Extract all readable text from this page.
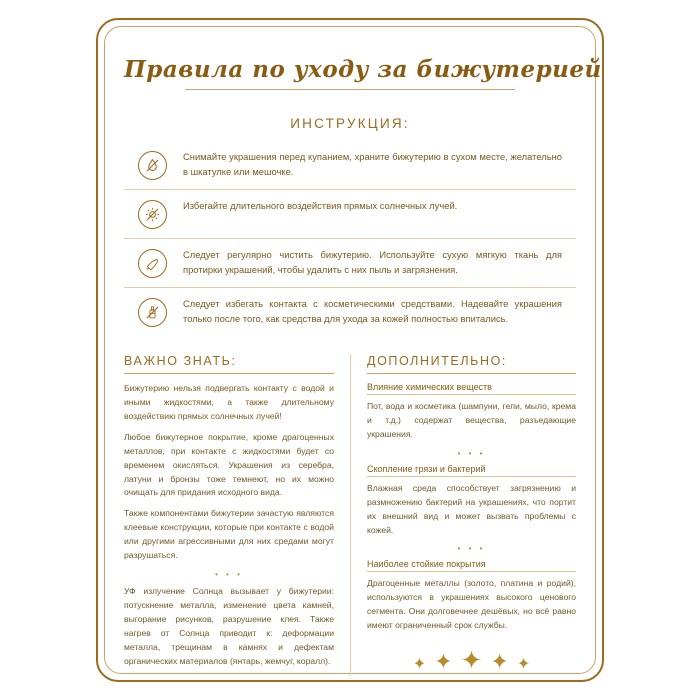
Правила по уходу за бижутерией
ИНСТРУКЦИЯ:
Снимайте украшения перед купанием, храните бижутерию в сухом месте, желательно в шкатулке или мешочке.
Избегайте длительного воздействия прямых солнечных лучей.
Следует регулярно чистить бижутерию. Используйте сухую мягкую ткань для протирки украшений, чтобы удалить с них пыль и загрязнения.
Следует избегать контакта с косметическими средствами. Надевайте украшения только после того, как средства для ухода за кожей полностью впитались.
ВАЖНО ЗНАТЬ:

Бижутерию нельзя подвергать контакту с водой и иными жидкостями, а также длительному воздействию прямых солнечных лучей!

Любое бижутерное покрытие, кроме драгоценных металлов, при контакте с жидкостями будет со временем окисляться. Украшения из серебра, латуни и бронзы тоже темнеют, но их можно очищать для придания исходного вида.

Также компонентами бижутерии зачастую являются клеевые конструкции, которые при контакте с водой или другими агрессивными для них средами могут разрушаться.

• • •

УФ излучение Солнца вызывает у бижутерии: потускнение металла, изменение цвета камней, выгорание рисунков, разрушение клея. Также нагрев от Солнца приводит к: деформации металла, трещинам в камнях и дефектам органических материалов (янтарь, жемчуг, коралл).

ДОПОЛНИТЕЛЬНО:
Влияние химических веществ

Пот, вода и косметика (шампуни, гели, мыло, крема и т.д.) содержат вещества, разъедающие украшения.

• • •
Скопление грязи и бактерий

Влажная среда способствует загрязнению и размножению бактерий на украшениях, что портит их внешний вид и может вызвать проблемы с кожей.

• • •
Наиболее стойкие покрытия

Драгоценные металлы (золото, платина и родий), используются в украшениях высокого ценового сегмента. Они долговечнее дешёвых, но всё равно имеют ограниченный срок службы.

✦ ✦ ✦ ✦ ✦
